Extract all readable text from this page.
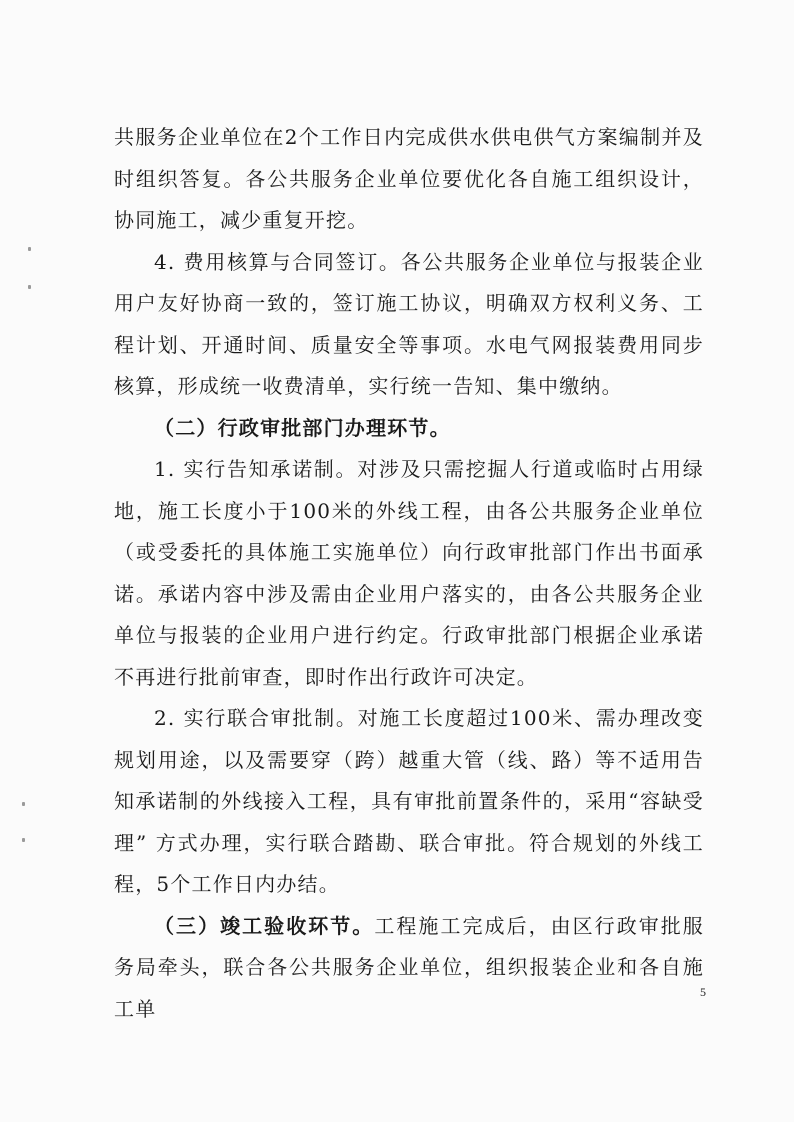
共服务企业单位在2个工作日内完成供水供电供气方案编制并及时组织答复。各公共服务企业单位要优化各自施工组织设计， 协同施工，减少重复开挖。

4. 费用核算与合同签订。各公共服务企业单位与报装企业用户友好协商一致的，签订施工协议，明确双方权利义务、工程计划、开通时间、质量安全等事项。水电气网报装费用同步核算，形成统一收费清单，实行统一告知、集中缴纳。

（二）行政审批部门办理环节。

1. 实行告知承诺制。对涉及只需挖掘人行道或临时占用绿地，施工长度小于100米的外线工程，由各公共服务企业单位（或受委托的具体施工实施单位）向行政审批部门作出书面承诺。承诺内容中涉及需由企业用户落实的，由各公共服务企业单位与报装的企业用户进行约定。行政审批部门根据企业承诺不再进行批前审查，即时作出行政许可决定。

2. 实行联合审批制。对施工长度超过100米、需办理改变规划用途，以及需要穿（跨）越重大管（线、路）等不适用告知承诺制的外线接入工程，具有审批前置条件的，采用“容缺受理” 方式办理，实行联合踏勘、联合审批。符合规划的外线工程，5个工作日内办结。

（三）竣工验收环节。工程施工完成后，由区行政审批服务局牵头，联合各公共服务企业单位，组织报装企业和各自施工单

5
